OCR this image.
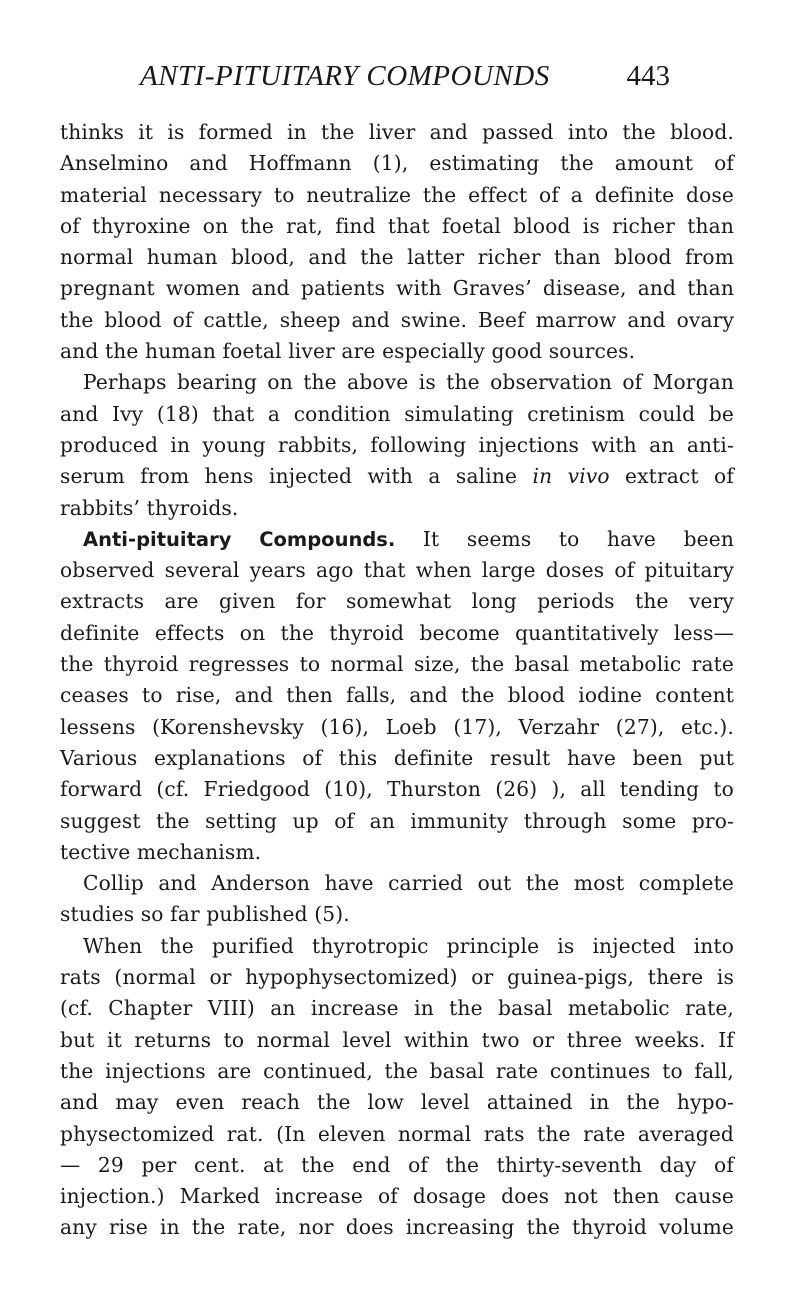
ANTI-PITUITARY COMPOUNDS	443
thinks it is formed in the liver and passed into the blood.
Anselmino and Hoffmann (1), estimating the amount of
material necessary to neutralize the effect of a definite dose
of thyroxine on the rat, find that foetal blood is richer than
normal human blood, and the latter richer than blood from
pregnant women and patients with Graves’ disease, and than
the blood of cattle, sheep and swine. Beef marrow and ovary
and the human foetal liver are especially good sources.
Perhaps bearing on the above is the observation of Morgan
and Ivy (18) that a condition simulating cretinism could be
produced in young rabbits, following injections with an anti-
serum from hens injected with a saline in vivo extract of
rabbits’ thyroids.
Anti-pituitary Compounds. It seems to have been
observed several years ago that when large doses of pituitary
extracts are given for somewhat long periods the very
definite effects on the thyroid become quantitatively less—
the thyroid regresses to normal size, the basal metabolic rate
ceases to rise, and then falls, and the blood iodine content
lessens (Korenshevsky (16), Loeb (17), Verzahr (27), etc.).
Various explanations of this definite result have been put
forward (cf. Friedgood (10), Thurston (26) ), all tending to
suggest the setting up of an immunity through some pro-
tective mechanism.
Collip and Anderson have carried out the most complete
studies so far published (5).
When the purified thyrotropic principle is injected into
rats (normal or hypophysectomized) or guinea-pigs, there is
(cf. Chapter VIII) an increase in the basal metabolic rate,
but it returns to normal level within two or three weeks. If
the injections are continued, the basal rate continues to fall,
and may even reach the low level attained in the hypo-
physectomized rat. (In eleven normal rats the rate averaged
— 29 per cent. at the end of the thirty-seventh day of
injection.) Marked increase of dosage does not then cause
any rise in the rate, nor does increasing the thyroid volume
